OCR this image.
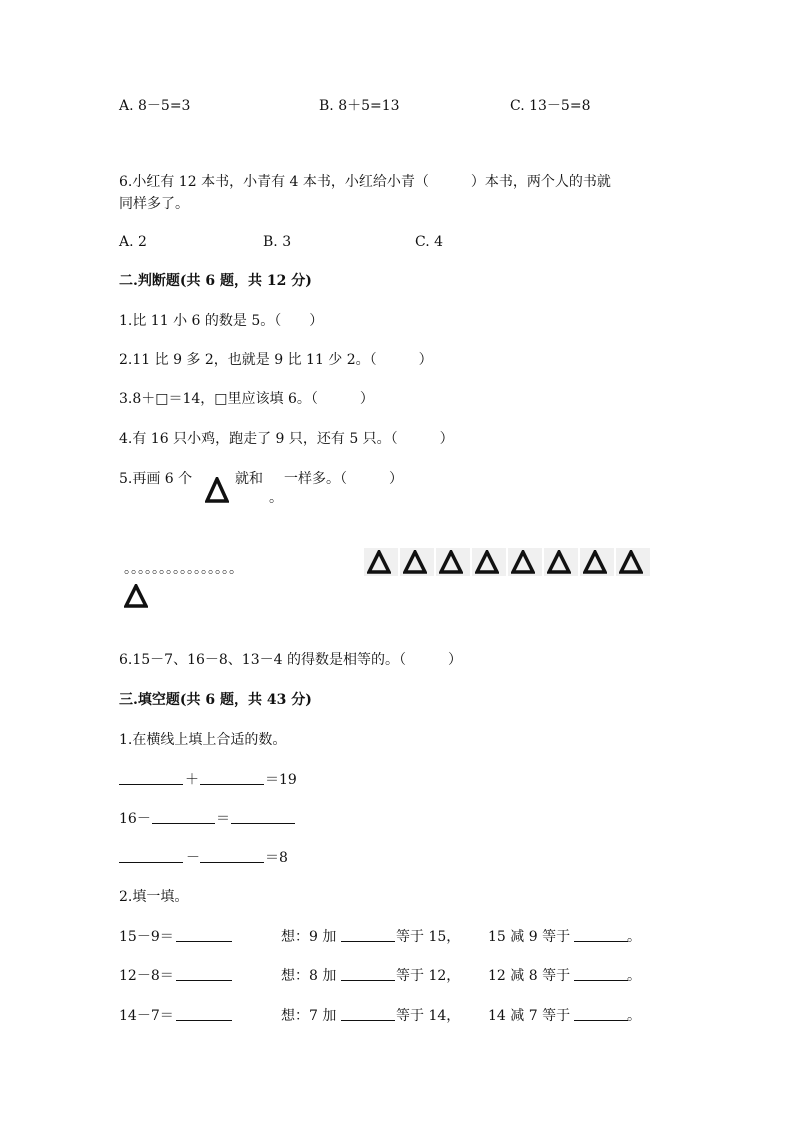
A. 8－5=3	B. 8＋5=13	C. 13－5=8
6.小红有 12 本书，小青有 4 本书，小红给小青（　　　）本书，两个人的书就
同样多了。
A. 2	B. 3	C. 4
二.判断题(共 6 题，共 12 分)
1.比 11 小 6 的数是 5。（　　）
2.11 比 9 多 2，也就是 9 比 11 少 2。（　　　）
3.8＋□＝14，□里应该填 6。（　　　）
4.有 16 只小鸡，跑走了 9 只，还有 5 只。（　　　）
5.再画 6 个	就和
。
一样多。（　　　）
。。。。。。。。。。。。。。。。
6.15－7、16－8、13－4 的得数是相等的。（　　　）
三.填空题(共 6 题，共 43 分)
1.在横线上填上合适的数。
＋	＝19
16－	＝
－	＝8
2.填一填。
15－9＝	想：9 加	等于 15， 15 减 9 等于	。
12－8＝	想：8 加	等于 12， 12 减 8 等于	。
14－7＝	想：7 加	等于 14， 14 减 7 等于	。
